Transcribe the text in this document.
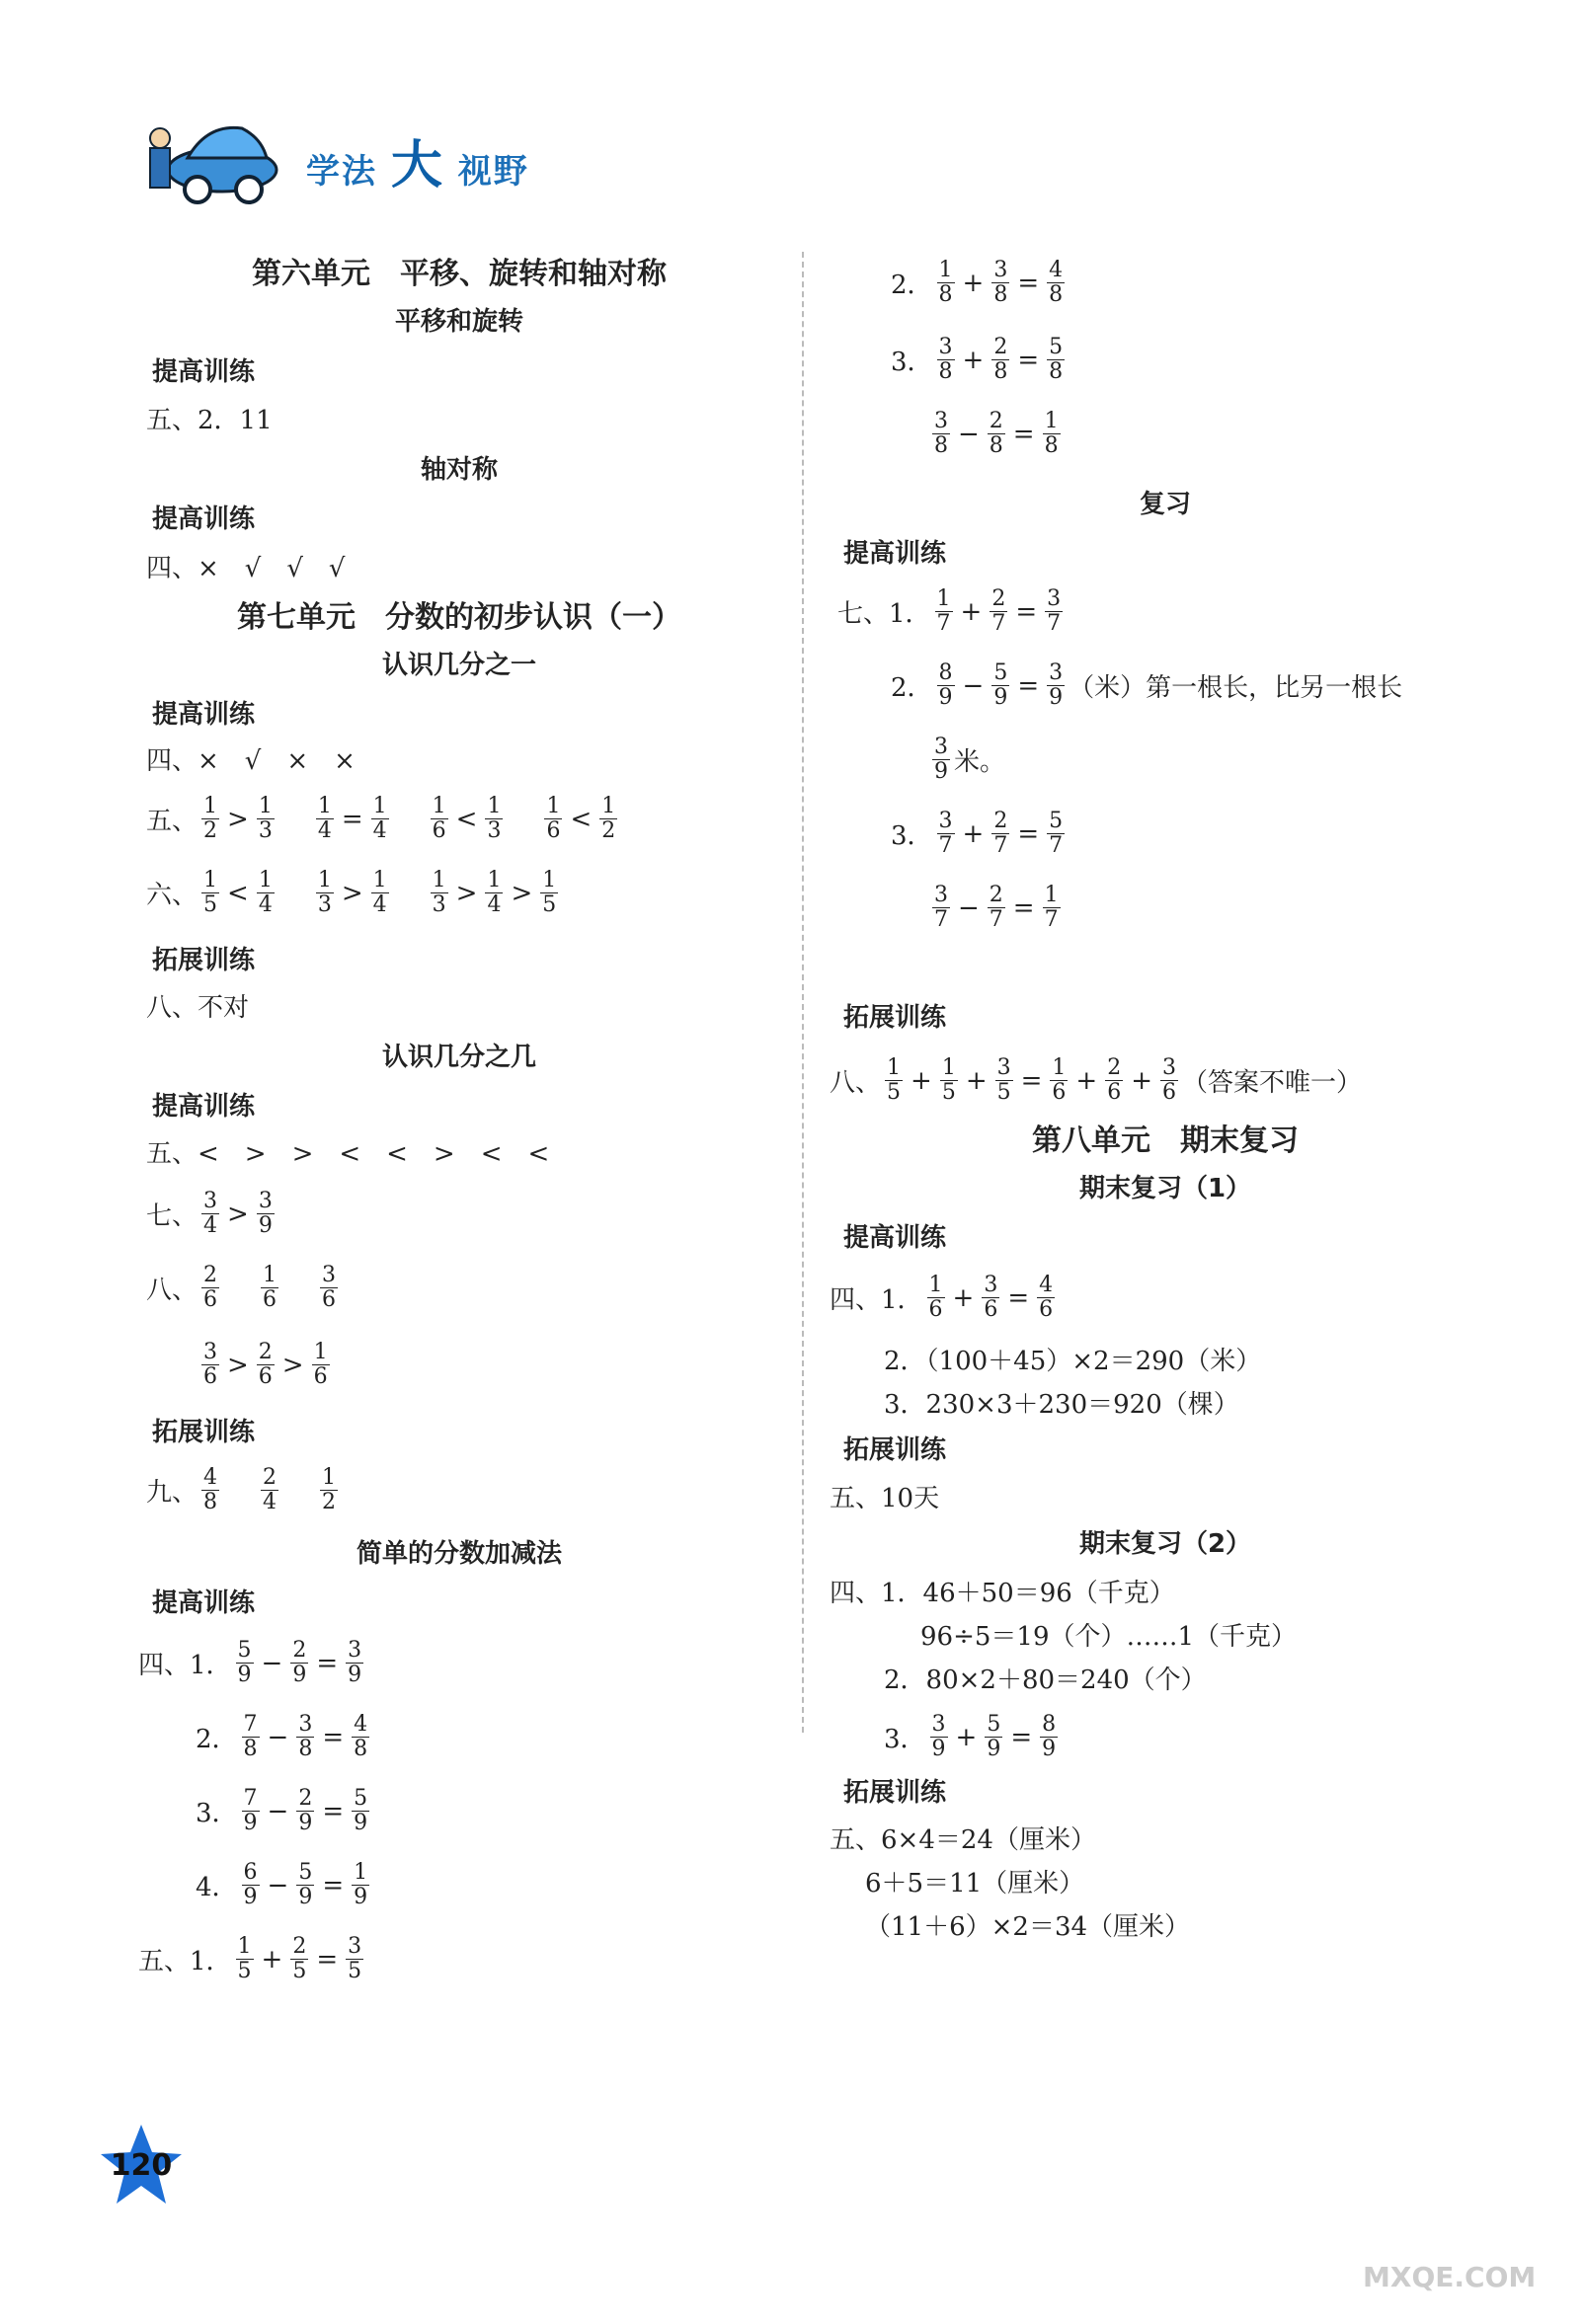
学法 大 视野
第六单元　平移、旋转和轴对称
平移和旋转
提高训练
五、2．11
轴对称
提高训练
四、×　√　√　√
第七单元　分数的初步认识（一）
认识几分之一
提高训练
四、×　√　×　×
五、 $\frac{1}{2} > \frac{1}{3}$
　 $\frac{1}{4} = \frac{1}{4}$
　 $\frac{1}{6} < \frac{1}{3}$
　 $\frac{1}{6} < \frac{1}{2}$
六、 $\frac{1}{5} < \frac{1}{4}$
　 $\frac{1}{3} > \frac{1}{4}$
　 $\frac{1}{3} > \frac{1}{4} > \frac{1}{5}$
拓展训练
八、不对
认识几分之几
提高训练
五、<　>　>　<　<　>　<　<
七、 $\frac{3}{4} > \frac{3}{9}$
八、 $\frac{2}{6}$
　 $\frac{1}{6}$
　 $\frac{3}{6}$
$\frac{3}{6} > \frac{2}{6} > \frac{1}{6}$
拓展训练
九、 $\frac{4}{8}$
　 $\frac{2}{4}$
　 $\frac{1}{2}$
简单的分数加减法
提高训练
四、1． $\frac{5}{9} - \frac{2}{9} = \frac{3}{9}$
2． $\frac{7}{8} - \frac{3}{8} = \frac{4}{8}$
3． $\frac{7}{9} - \frac{2}{9} = \frac{5}{9}$
4． $\frac{6}{9} - \frac{5}{9} = \frac{1}{9}$
五、1． $\frac{1}{5} + \frac{2}{5} = \frac{3}{5}$
2． $\frac{1}{8} + \frac{3}{8} = \frac{4}{8}$
3． $\frac{3}{8} + \frac{2}{8} = \frac{5}{8}$
$\frac{3}{8} - \frac{2}{8} = \frac{1}{8}$
复习
提高训练
七、1． $\frac{1}{7} + \frac{2}{7} = \frac{3}{7}$
2． $\frac{8}{9} - \frac{5}{9} = \frac{3}{9}$ （米）第一根长，比另一根长
$\frac{3}{9}$ 米。
3． $\frac{3}{7} + \frac{2}{7} = \frac{5}{7}$
$\frac{3}{7} - \frac{2}{7} = \frac{1}{7}$
拓展训练
八、 $\frac{1}{5} + \frac{1}{5} + \frac{3}{5} = \frac{1}{6} + \frac{2}{6} + \frac{3}{6}$ （答案不唯一）
第八单元　期末复习
期末复习（1）
提高训练
四、1． $\frac{1}{6} + \frac{3}{6} = \frac{4}{6}$
2．（100＋45）×2＝290（米）
3．230×3＋230＝920（棵）
拓展训练
五、10天
期末复习（2）
四、1．46＋50＝96（千克）
96÷5＝19（个）……1（千克）
2．80×2＋80＝240（个）
3． $\frac{3}{9} + \frac{5}{9} = \frac{8}{9}$
拓展训练
五、6×4＝24（厘米）
6＋5＝11（厘米）
（11＋6）×2＝34（厘米）
120
MXQE.COM
